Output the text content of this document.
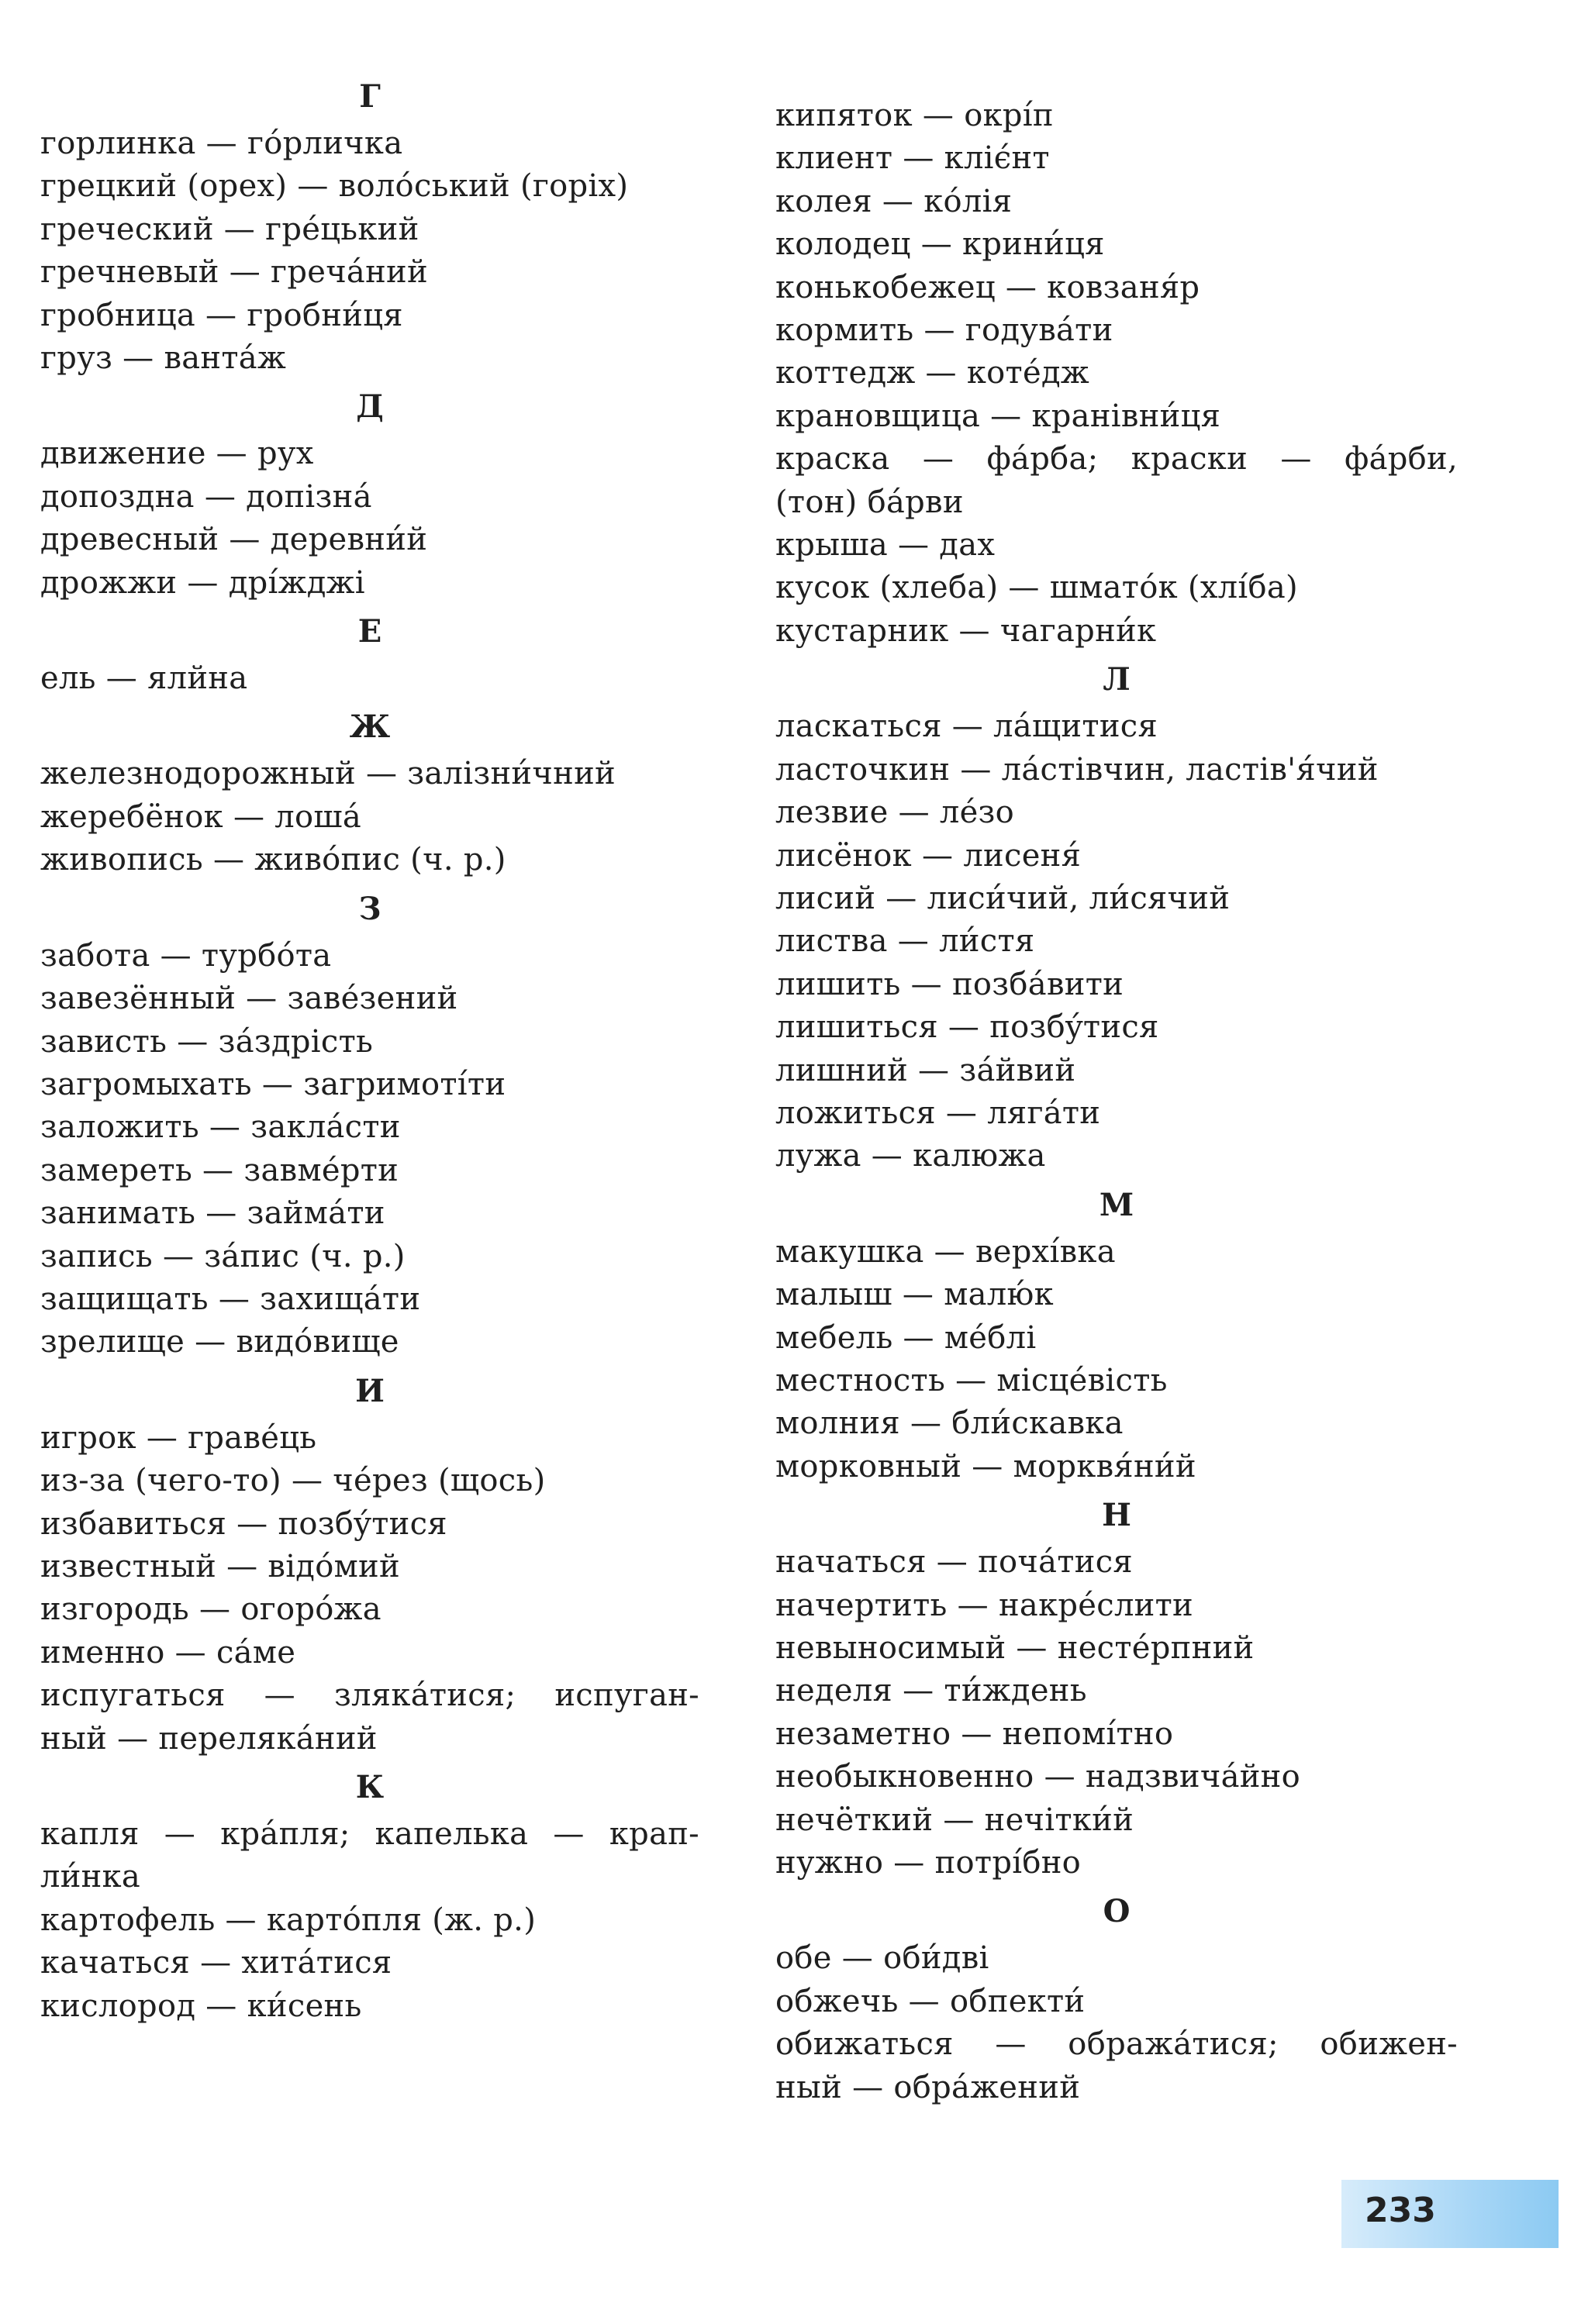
Г
горлинка — гóрличка
грецкий (орех) — волóський (горіх)
греческий — грéцький
гречневый — гречáний
гробница — гробни́ця
груз — вантáж
Д
движение — рух
допоздна — допізнá
древесный — деревни́й
дрожжи — дрі́жджі
Е
ель — ялйна
Ж
железнодорожный — залізни́чний
жеребёнок — лошá
живопись — живóпис (ч. р.)
З
забота — турбóта
завезённый — завéзений
зависть — зáздрість
загромыхать — загримоті́ти
заложить — заклáсти
замереть — завмéрти
занимать — займáти
запись — зáпис (ч. р.)
защищать — захищáти
зрелище — видóвище
И
игрок — гравéць
из-за (чего-то) — чéрез (щось)
избавиться — позбýтися
известный — відóмий
изгородь — огорóжа
именно — сáме
испугаться — злякáтися; испуган-
ный — перелякáний
К
капля — крáпля; капелька — крап-
ли́нка
картофель — картóпля (ж. р.)
качаться — хитáтися
кислород — ки́сень
кипяток — окрі́п
клиент — кліє́нт
колея — кóлія
колодец — крини́ця
конькобежец — ковзаня́р
кормить — годувáти
коттедж — котéдж
крановщица — кранівни́ця
краска — фáрба; краски — фáрби,
(тон) бáрви
крыша — дах
кусок (хлеба) — шматóк (хлі́ба)
кустарник — чагарни́к
Л
ласкаться — лáщитися
ласточкин — лáстівчин, ластів'я́чий
лезвие — лéзо
лисёнок — лисеня́
лисий — лиси́чий, ли́сячий
листва — ли́стя
лишить — позбáвити
лишиться — позбýтися
лишний — зáйвий
ложиться — лягáти
лужа — калюжа
М
макушка — верхі́вка
малыш — малю́к
мебель — мéблі
местность — місцéвість
молния — бли́скавка
морковный — морквя́ни́й
Н
начаться — почáтися
начертить — накрéслити
невыносимый — нестéрпний
неделя — ти́ждень
незаметно — непомі́тно
необыкновенно — надзвичáйно
нечёткий — нечітки́й
нужно — потрі́бно
О
обе — оби́дві
обжечь — обпекти́
обижаться — ображáтися; обижен-
ный — обрáжений
233
